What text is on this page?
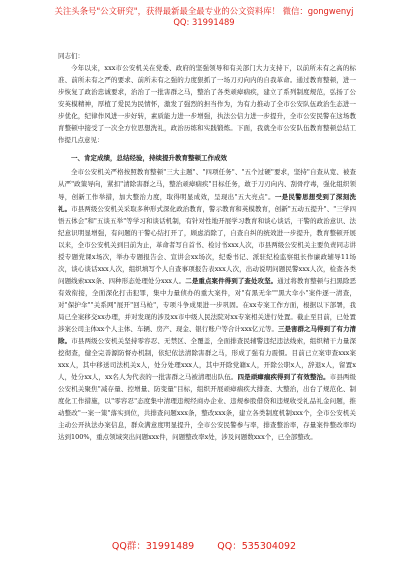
关注头条号"公文研究"，获得最新最全最专业的公文资料库！ 微信：gongwenyj
QQ: 31991489

同志们：

今年以来，xxx市公安机关在党委、政府的坚强领导和有关部门大力支持下，以前所未有之高的标准、前所未有之严的要求、前所未有之强的力度狠抓了一场刀刃向内的自我革命。通过教育整顿，进一步恢复了政治忠诚要求，治治了一批害群之马，整治了各类顽瘴痼疾，建立了系列制度规范，弘扬了公安英模精神，厚植了爱民为民情怀，激发了强烈的担当作为，为有力推动了全市公安队伍政治生态进一步优化，纪律作风进一步好转，素质能力进一步增强，执法公信力进一步提升，全市公安民警在这场教育整顿中接受了一次全方位思想洗礼，政治历练和实践锻炼。下面，我就全市公安队伍教育整顿总结工作提几点意见：

一、肯定成绩，总结经验，持续提升教育整顿工作成效

全市公安机关严格按照教育整顿"三大主题"、"四项任务"、"五个过硬"要求，坚持"自查从宽、被查从严"政策导向，紧扣"清除害群之马，整治顽瘴痼疾"目标任务，敢于刀刃向内、刮骨疗毒，强化组织领导，创新工作举措，加大整治力度，取得明显成效，呈现出"五大亮点"。一是民警思想受到了深刻洗礼。市县两级公安机关采取多种形式深化政治教育，警示教育和英模教育，创新"五动五提升"、"三学四悟五体会"和"五谈五举"等学习和谈话机制，有针对性地开展学习教育和谈心谈话，干警的政治意识、法纪意识明显增强，有问题的干警心结打开了，顾虑消除了，自查自纠的统效进一步提升，教育整顿开展以来，全市公安机关到目前为止，革命者写自首书、检讨书xxx人次，市县两级公安机关主要负责同志讲授专题党课x场次，举办专题报告会、宣讲会xx场次，纪委书记、派驻纪检监察组长作廉政辅导11场次，谈心谈话xxx人次，组织填写个人自查事项报告表xxx人次，出动说明问题民警xxx人次，检查各类问题线索xxx条、四种形态处理处分xxx人。二是重点案件得到了查处攻坚。通过将教育整顿与扫黑除恶有效衔接，全面深化打击犯罪，集中力量侦办的重大案件，对"有黑无伞""黑大伞小"案件逐一清查，对"保护伞""关系网"展开"回马枪"，专项斗争成果进一步巩固。在xx专案工作方面，根据以下部署，我局已全案移交xx办理，并对发现的涉及xx市中级人民法院对xx专案相关进行处置。截止至目前，已处置涉案公司主体xx个人主体、车辆、房产、现金、银行账户等合计xxx亿元等。三是害群之马得到了有力清除。市县两级公安机关坚持零容忍、无禁区、全覆盖，全面排查民辅警违纪违法线索，组织精干力量深挖彻查，健全完善源防督办机制，依纪依法清除害群之马，形成了强有力震慑。目前已立案审查xxx案xxx人，其中移送司法机关x人，处分处理xxx人，其中开除党籍x人，开除公职x人，辞退x人，留置x人，处分xx人，xx名人为代表的一批害群之马被清理出队伍。四是顽瘴痼疾得到了有效整治。市县两级公安机关聚焦"减存量、控增量、防变量"目标，组织开展顽瘴痼疾大排查、大整治，出台了规范化、制度化工作措施，以"零容忍"态度集中清理违规经商办企业、违规参股借贷和违规收受礼品礼金问题，推动整改"一案一策"落实到位，共排查问题xxx条，整改xxx条，建立各类制度机制xxx个，全市公安机关主动公开执法办案信息，群众满意度明显提升，全市公安民警参与率，排查整治率，存量案件整改率均达到100%，重点领域突出问题xxx件，问题整改率x处，涉及问题数xxx个，已全部整改。

QQ群：31991489 QQ：535304092
